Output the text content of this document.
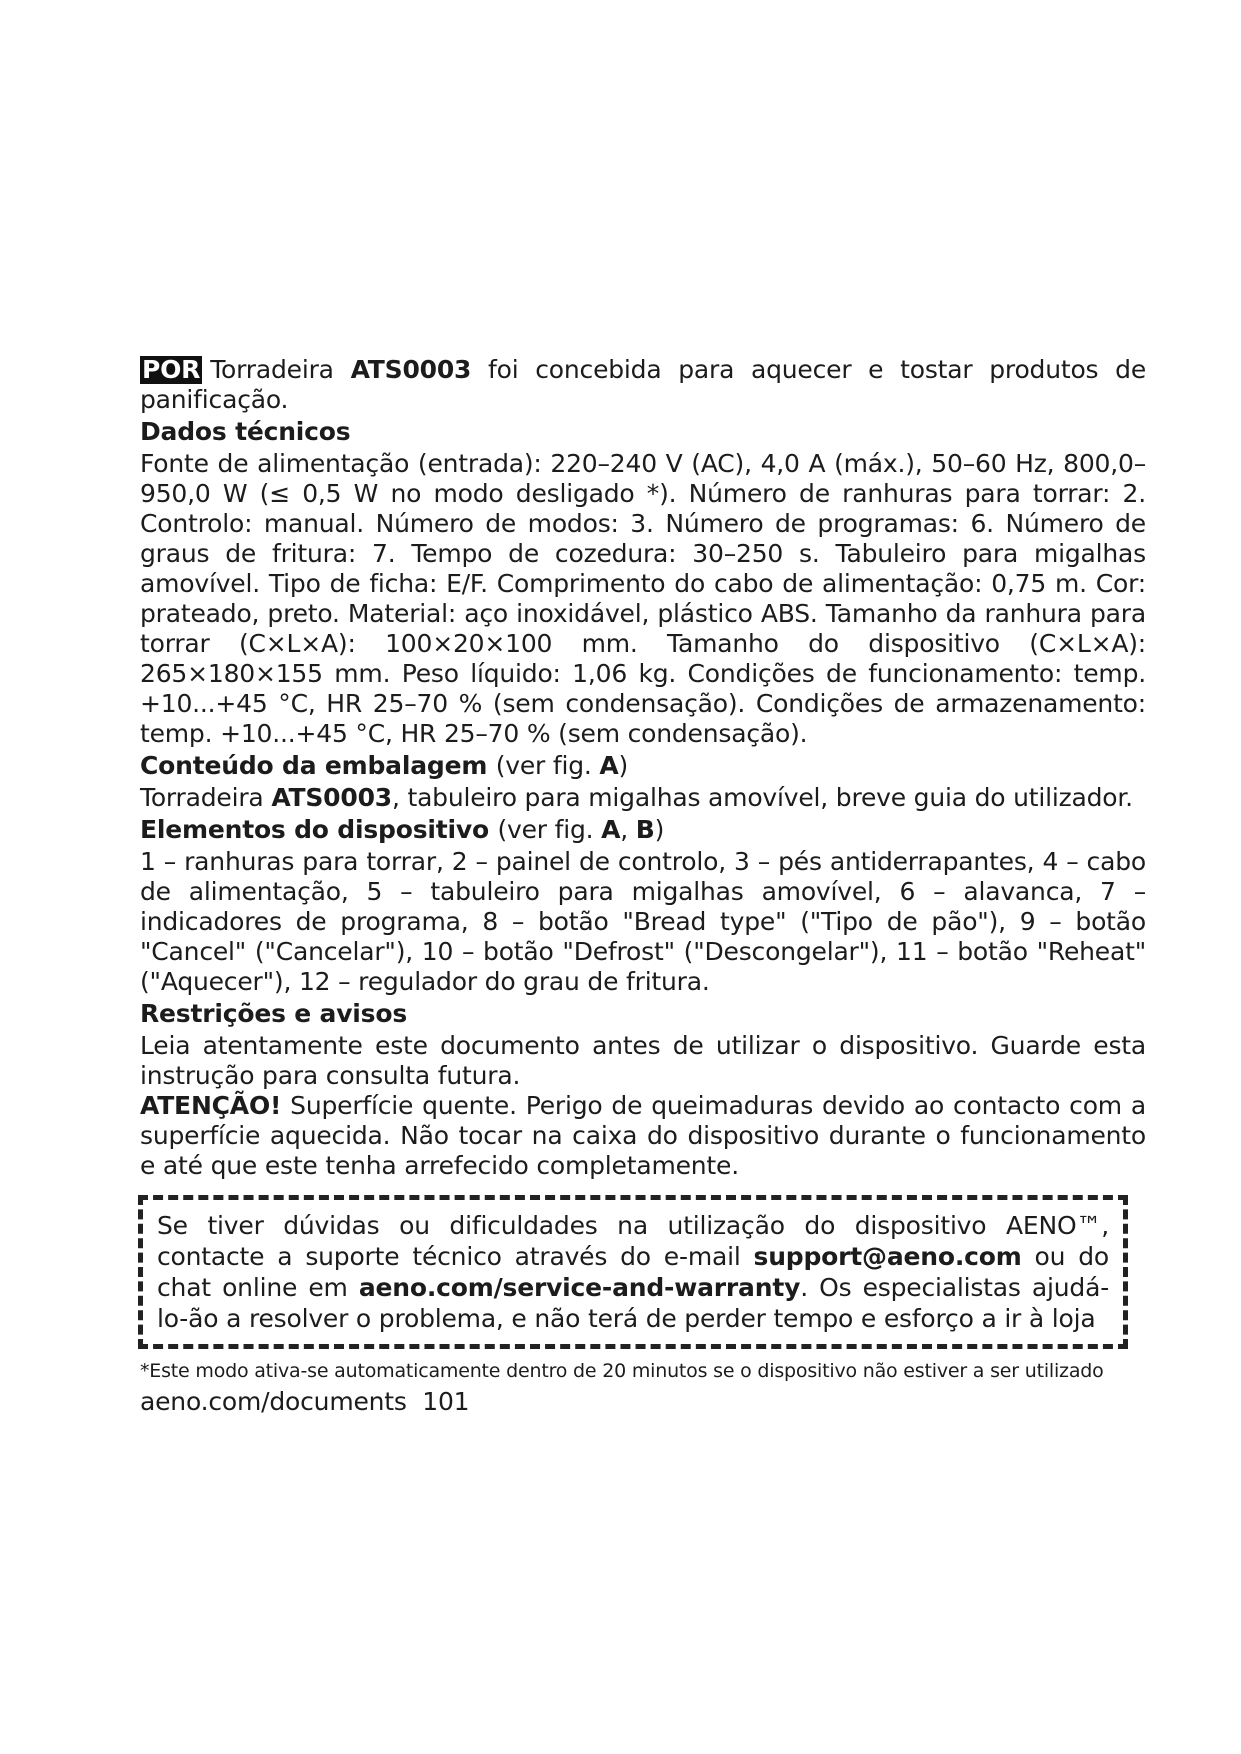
POR Torradeira ATS0003 foi concebida para aquecer e tostar produtos de panificação.

Dados técnicos

Fonte de alimentação (entrada): 220–240 V (AC), 4,0 A (máx.), 50–60 Hz, 800,0–950,0 W (≤ 0,5 W no modo desligado *). Número de ranhuras para torrar: 2. Controlo: manual. Número de modos: 3. Número de programas: 6. Número de graus de fritura: 7. Tempo de cozedura: 30–250 s. Tabuleiro para migalhas amovível. Tipo de ficha: E/F. Comprimento do cabo de alimentação: 0,75 m. Cor: prateado, preto. Material: aço inoxidável, plástico ABS. Tamanho da ranhura para torrar (C×L×A): 100×20×100 mm. Tamanho do dispositivo (C×L×A): 265×180×155 mm. Peso líquido: 1,06 kg. Condições de funcionamento: temp. +10...+45 °C, HR 25–70 % (sem condensação). Condições de armazenamento: temp. +10...+45 °C, HR 25–70 % (sem condensação).

Conteúdo da embalagem (ver fig. A)

Torradeira ATS0003, tabuleiro para migalhas amovível, breve guia do utilizador.

Elementos do dispositivo (ver fig. A, B)

1 – ranhuras para torrar, 2 – painel de controlo, 3 – pés antiderrapantes, 4 – cabo de alimentação, 5 – tabuleiro para migalhas amovível, 6 – alavanca, 7 – indicadores de programa, 8 – botão "Bread type" ("Tipo de pão"), 9 – botão "Cancel" ("Cancelar"), 10 – botão "Defrost" ("Descongelar"), 11 – botão "Reheat" ("Aquecer"), 12 – regulador do grau de fritura.

Restrições e avisos

Leia atentamente este documento antes de utilizar o dispositivo. Guarde esta instrução para consulta futura.

ATENÇÃO! Superfície quente. Perigo de queimaduras devido ao contacto com a superfície aquecida. Não tocar na caixa do dispositivo durante o funcionamento e até que este tenha arrefecido completamente.

Se tiver dúvidas ou dificuldades na utilização do dispositivo AENO™, contacte a suporte técnico através do e-mail support@aeno.com ou do chat online em aeno.com/service-and-warranty. Os especialistas ajudá-lo-ão a resolver o problema, e não terá de perder tempo e esforço a ir à loja

*Este modo ativa-se automaticamente dentro de 20 minutos se o dispositivo não estiver a ser utilizado
aeno.com/documents 101
